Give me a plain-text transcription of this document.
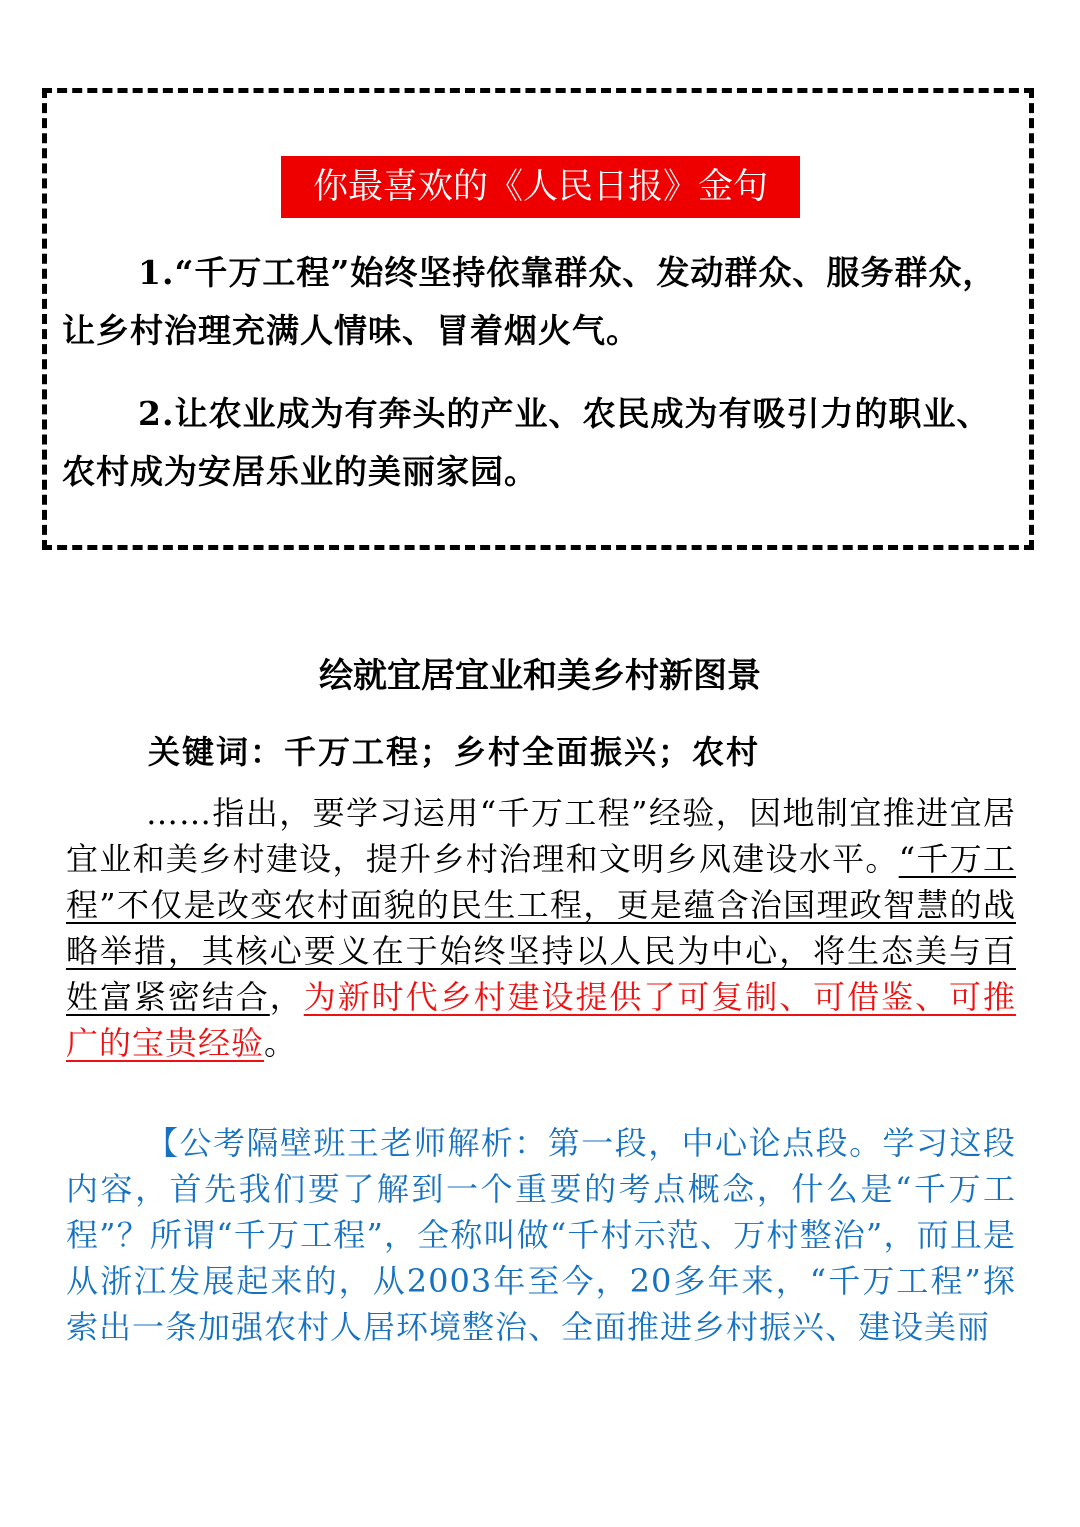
你最喜欢的《人民日报》金句
1.“千万工程”始终坚持依靠群众、发动群众、服务群众，让乡村治理充满人情味、冒着烟火气。
2.让农业成为有奔头的产业、农民成为有吸引力的职业、农村成为安居乐业的美丽家园。
绘就宜居宜业和美乡村新图景
关键词：千万工程；乡村全面振兴；农村
……指出，要学习运用“千万工程”经验，因地制宜推进宜居宜业和美乡村建设，提升乡村治理和文明乡风建设水平。“千万工程”不仅是改变农村面貌的民生工程，更是蕴含治国理政智慧的战略举措，其核心要义在于始终坚持以人民为中心，将生态美与百姓富紧密结合，为新时代乡村建设提供了可复制、可借鉴、可推广的宝贵经验。
【公考隔壁班王老师解析：第一段，中心论点段。学习这段内容，首先我们要了解到一个重要的考点概念，什么是“千万工程”？所谓“千万工程”，全称叫做“千村示范、万村整治”，而且是从浙江发展起来的，从2003年至今，20多年来，“千万工程”探索出一条加强农村人居环境整治、全面推进乡村振兴、建设美丽
